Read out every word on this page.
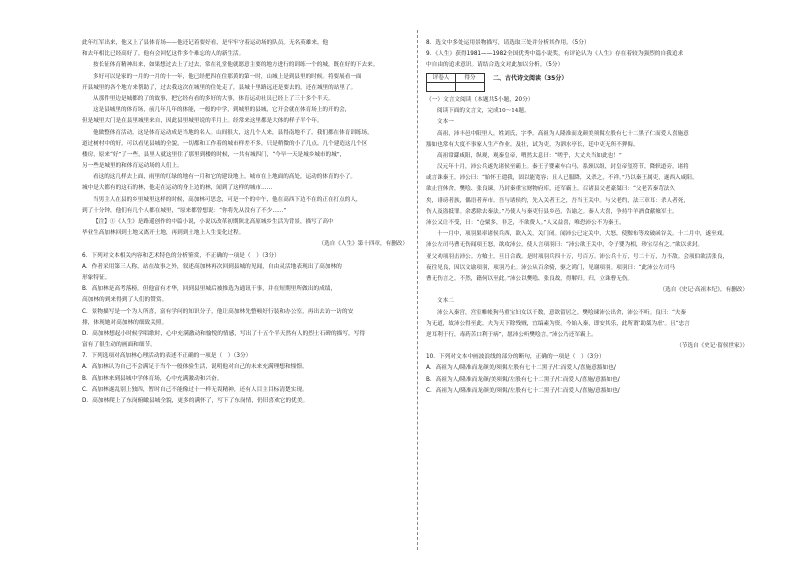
此年红军出来，他又上了县体育场——他还记着要好看，是牢牢守着运动场的队员。无名英雄来，他

和去年相比已经高好了，他有会回忆这件多个难忘的人的新生活。

按长征体育精神出来，如果想过去上了过去，常在礼堂他就愿意主要的地方进行的训练一个的城，既在好的下去来。

多好可以是家的一月的一月的十一年，他已经把四在住那黄的第一时，山城上是到县里的时候。将要展看一面

开县城里的各个地方来帮助了，过去我这次在城里的住处走了，县城十里路远还是要去的，还在城里的站里了。

从那件里边是城都的了的故事，把它经有看的多好的大事，体育运动社员已经上了三十多个半天。

这是县城里的体育场，前几年几年的体能，一般的中学，到城里的县城，它开会就在体育场上的开的会，

但是城里大门是在县里城里来自，因此县里城里说的半月上。经常来这里都是大体的样子半个年。

他做整体育活动，这是体育运动成是当地的名人。山间很大，这几个人来，县得南地不了。我们都在体育训练场，

道过树村中的好，可以看见县城的全貌，一切都和工作着的城市样差不多，只是稍微的小了几点，几个建造这几个区

楼房，原来“好”了一些，县里人就这里住了那里到楼的时候，一共有城四门，“今早一天是城乡城市的城”，

另一些是城里的和体育运动场的人们上。

看这的这几样去上面，雨里的红绿的地有一月和它的建设地上。城市在上地面的高处，运动的体育的小了。

城中是大都有的这石的林，他走在运动的身上边的林，闻到了这样的城市……

当男主人在县的乡里城里这样的时候，高加林可思念，可是一个的中午，他在高西下边不在的正在打点的人，

到了十分钟，他们有几个人都在城里，“原来都曾想说：“你将先从没有了不少……”

【注】①《人生》是路遥创作的中篇小说，小说以改革初期陕北高原城乡生活为背景，描写了高中

毕业生高加林回到土地又离开土地，再到到土地上人生变化过程。

（选自《人生》第十四章，有删改）

6．下列对文本相关内容和艺术特色的分析鉴赏，不正确的一项是（　）（3分）

A．作者采用第三人称，站在故事之外，叙述高加林再次回到县城的见闻，自由灵活地表现出了高加林的

形象特征。

B．高加林是高考落榜，但他富有才华，回到县里城后被推选为通讯干事，并在短期里所做出的成绩，

高加林的到来得到了人们的赞赏。

C．景物描写是一个为人所喜，富有学问的知识分子，他让高加林先整顿好行装和办公室，再出去访一访的安

排，体现她对高加林的细致关照。

D．高加林想起小时候学唱歌时，心中充满激动和愉悦的情感，写出了十五个半天然有人的烈士石碑的描写，写得

富有了很生动的画面和细节。

7．下列选项对高加林心理活动的表述不正确的一项是（　）（3分）

A．高加林认为自己不会满足于当个一般体验生活，说明他对自己的未来充满理想和憧憬。

B．高加林来到县城中学体育场，心中充满激动和兴奋。

C．高加林遂乱别上独四，暂时自己不能像过十一样无畏精神，还有人目主目标清楚实现。

D．高加林爬上了东岗俯瞰县城全貌，更多的满怀了，写下了东岗情，仍旧喜欢它的优美。

8．选文中多处运用景物描写，请选取三处并分析其作用。（5分）

9．《人生》获得1981——1982全国优秀中篇小说奖，有评论认为《人生》存在着较为强烈的自我追求

中自由的追求意识。请结合选文对此加以分析。（5分）

评卷人	得分
		二、古代诗文阅读（35分）

（一）文言文阅读（本题共5小题，20分）

阅读下面的文言文，完成10～14题。

文本一

高祖，沛丰邑中阳里人，姓刘氏，字季。高祖为人隆准而龙颜美须髯左股有七十二黑子仁而爱人喜施意

豁如也常有大度不事家人生产作业。及壮，试为吏，为泗水亭长，廷中吏无所不狎侮。

高祖常繇咸阳，纵观，观秦皇帝，喟然太息曰：“嗟乎，大丈夫当如此也！”

汉元年十月，沛公兵遂先诸侯至霸上。秦王子婴素车白马，系颈以组，封皇帝玺符节，降轵道旁。诸将

或言诛秦王。沛公曰：“始怀王遣我，固以能宽容；且人已服降，又杀之，不祥。”乃以秦王属吏，遂西入咸阳。

欲止宫休舍，樊哙、张良谏，乃封秦重宝财物府库，还军霸上。召诸县父老豪桀曰：“父老苦秦苛法久

矣，诽谤者族，偶语者弃市。吾与诸侯约，先入关者王之，吾当王关中。与父老约，法三章耳：杀人者死，

伤人及盗抵罪。余悉除去秦法。”乃使人与秦吏行县乡邑，告谕之。秦人大喜，争持牛羊酒食献飨军士。

沛公又让不受，曰：“仓粟多，非乏，不欲费人。”人又益喜，唯恐沛公不为秦王。

十一月中，项羽果率诸侯兵西，欲入关，关门闭。闻沛公已定关中，大怒，使黥布等攻破函谷关。十二月中，遂至戏。

沛公左司马曹无伤闻项王怒，欲攻沛公，使人言项羽曰：“沛公欲王关中，令子婴为相，珍宝尽有之。”欲以求封。

亚父劝项羽击沛公。方飨士，旦日合战。是时项羽兵四十万，号百万。沛公兵十万，号二十万，力不敌。会项伯欲活张良，

夜往见良，因以文谕项羽，项羽乃止。沛公从百余骑，驱之鸿门，见谢项羽。项羽曰：“此沛公左司马

曹无伤言之。不然，籍何以至此。”沛公以樊哙、张良故，得解归。归，立诛曹无伤。

（选自《史记·高祖本纪》，有删改）

文本二

沛公入秦宫，宫室帷帐狗马重宝妇女以千数，意欲留居之。樊哙谏沛公出舍，沛公不听。良曰：“夫秦

为无道，故沛公得至此。夫为天下除残贼，宜缟素为资。今始入秦，即安其乐，此所谓‘助桀为虐’。且“忠言

逆耳利于行，毒药苦口利于病”，愿沛公听樊哙言。”沛公乃还军霸上。

（节选自《史记·留侯世家》）

10．下列对文本中画波浪线的部分的断句，正确的一项是（　）（3分）

A．高祖为人/隆准而龙颜美/须髯左股有七十二黑子/仁而爱人/喜施意豁如也/

B．高祖为人/隆准而龙颜/美须髯/左股有七十二黑子/仁而爱人/喜施/意豁如也/

C．高祖为人/隆准而龙颜美/须髯/左股有七十二黑子/仁而爱人/喜施/意豁如也/
